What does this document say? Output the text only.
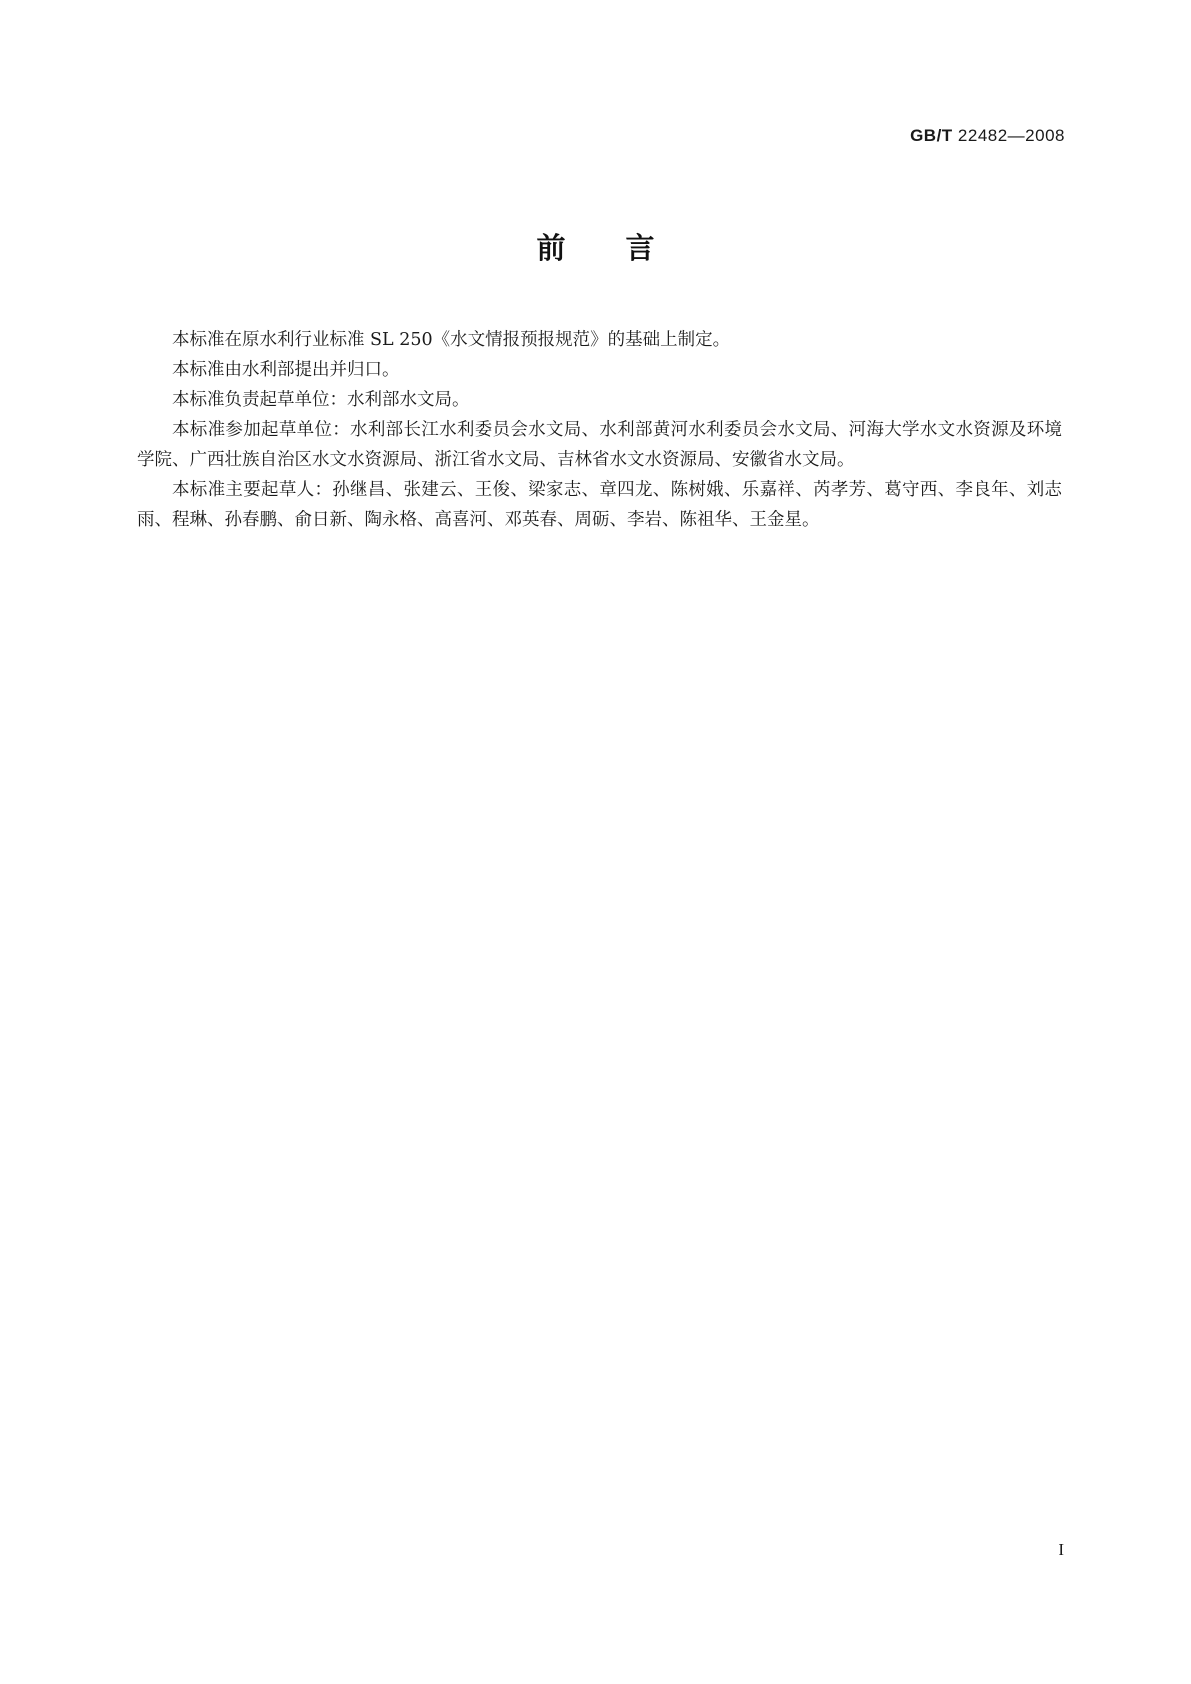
GB/T 22482—2008
前言

本标准在原水利行业标准 SL 250《水文情报预报规范》的基础上制定。

本标准由水利部提出并归口。

本标准负责起草单位：水利部水文局。

本标准参加起草单位：水利部长江水利委员会水文局、水利部黄河水利委员会水文局、河海大学水文水资源及环境学院、广西壮族自治区水文水资源局、浙江省水文局、吉林省水文水资源局、安徽省水文局。

本标准主要起草人：孙继昌、张建云、王俊、梁家志、章四龙、陈树娥、乐嘉祥、芮孝芳、葛守西、李良年、刘志雨、程琳、孙春鹏、俞日新、陶永格、高喜河、邓英春、周砺、李岩、陈祖华、王金星。

I
